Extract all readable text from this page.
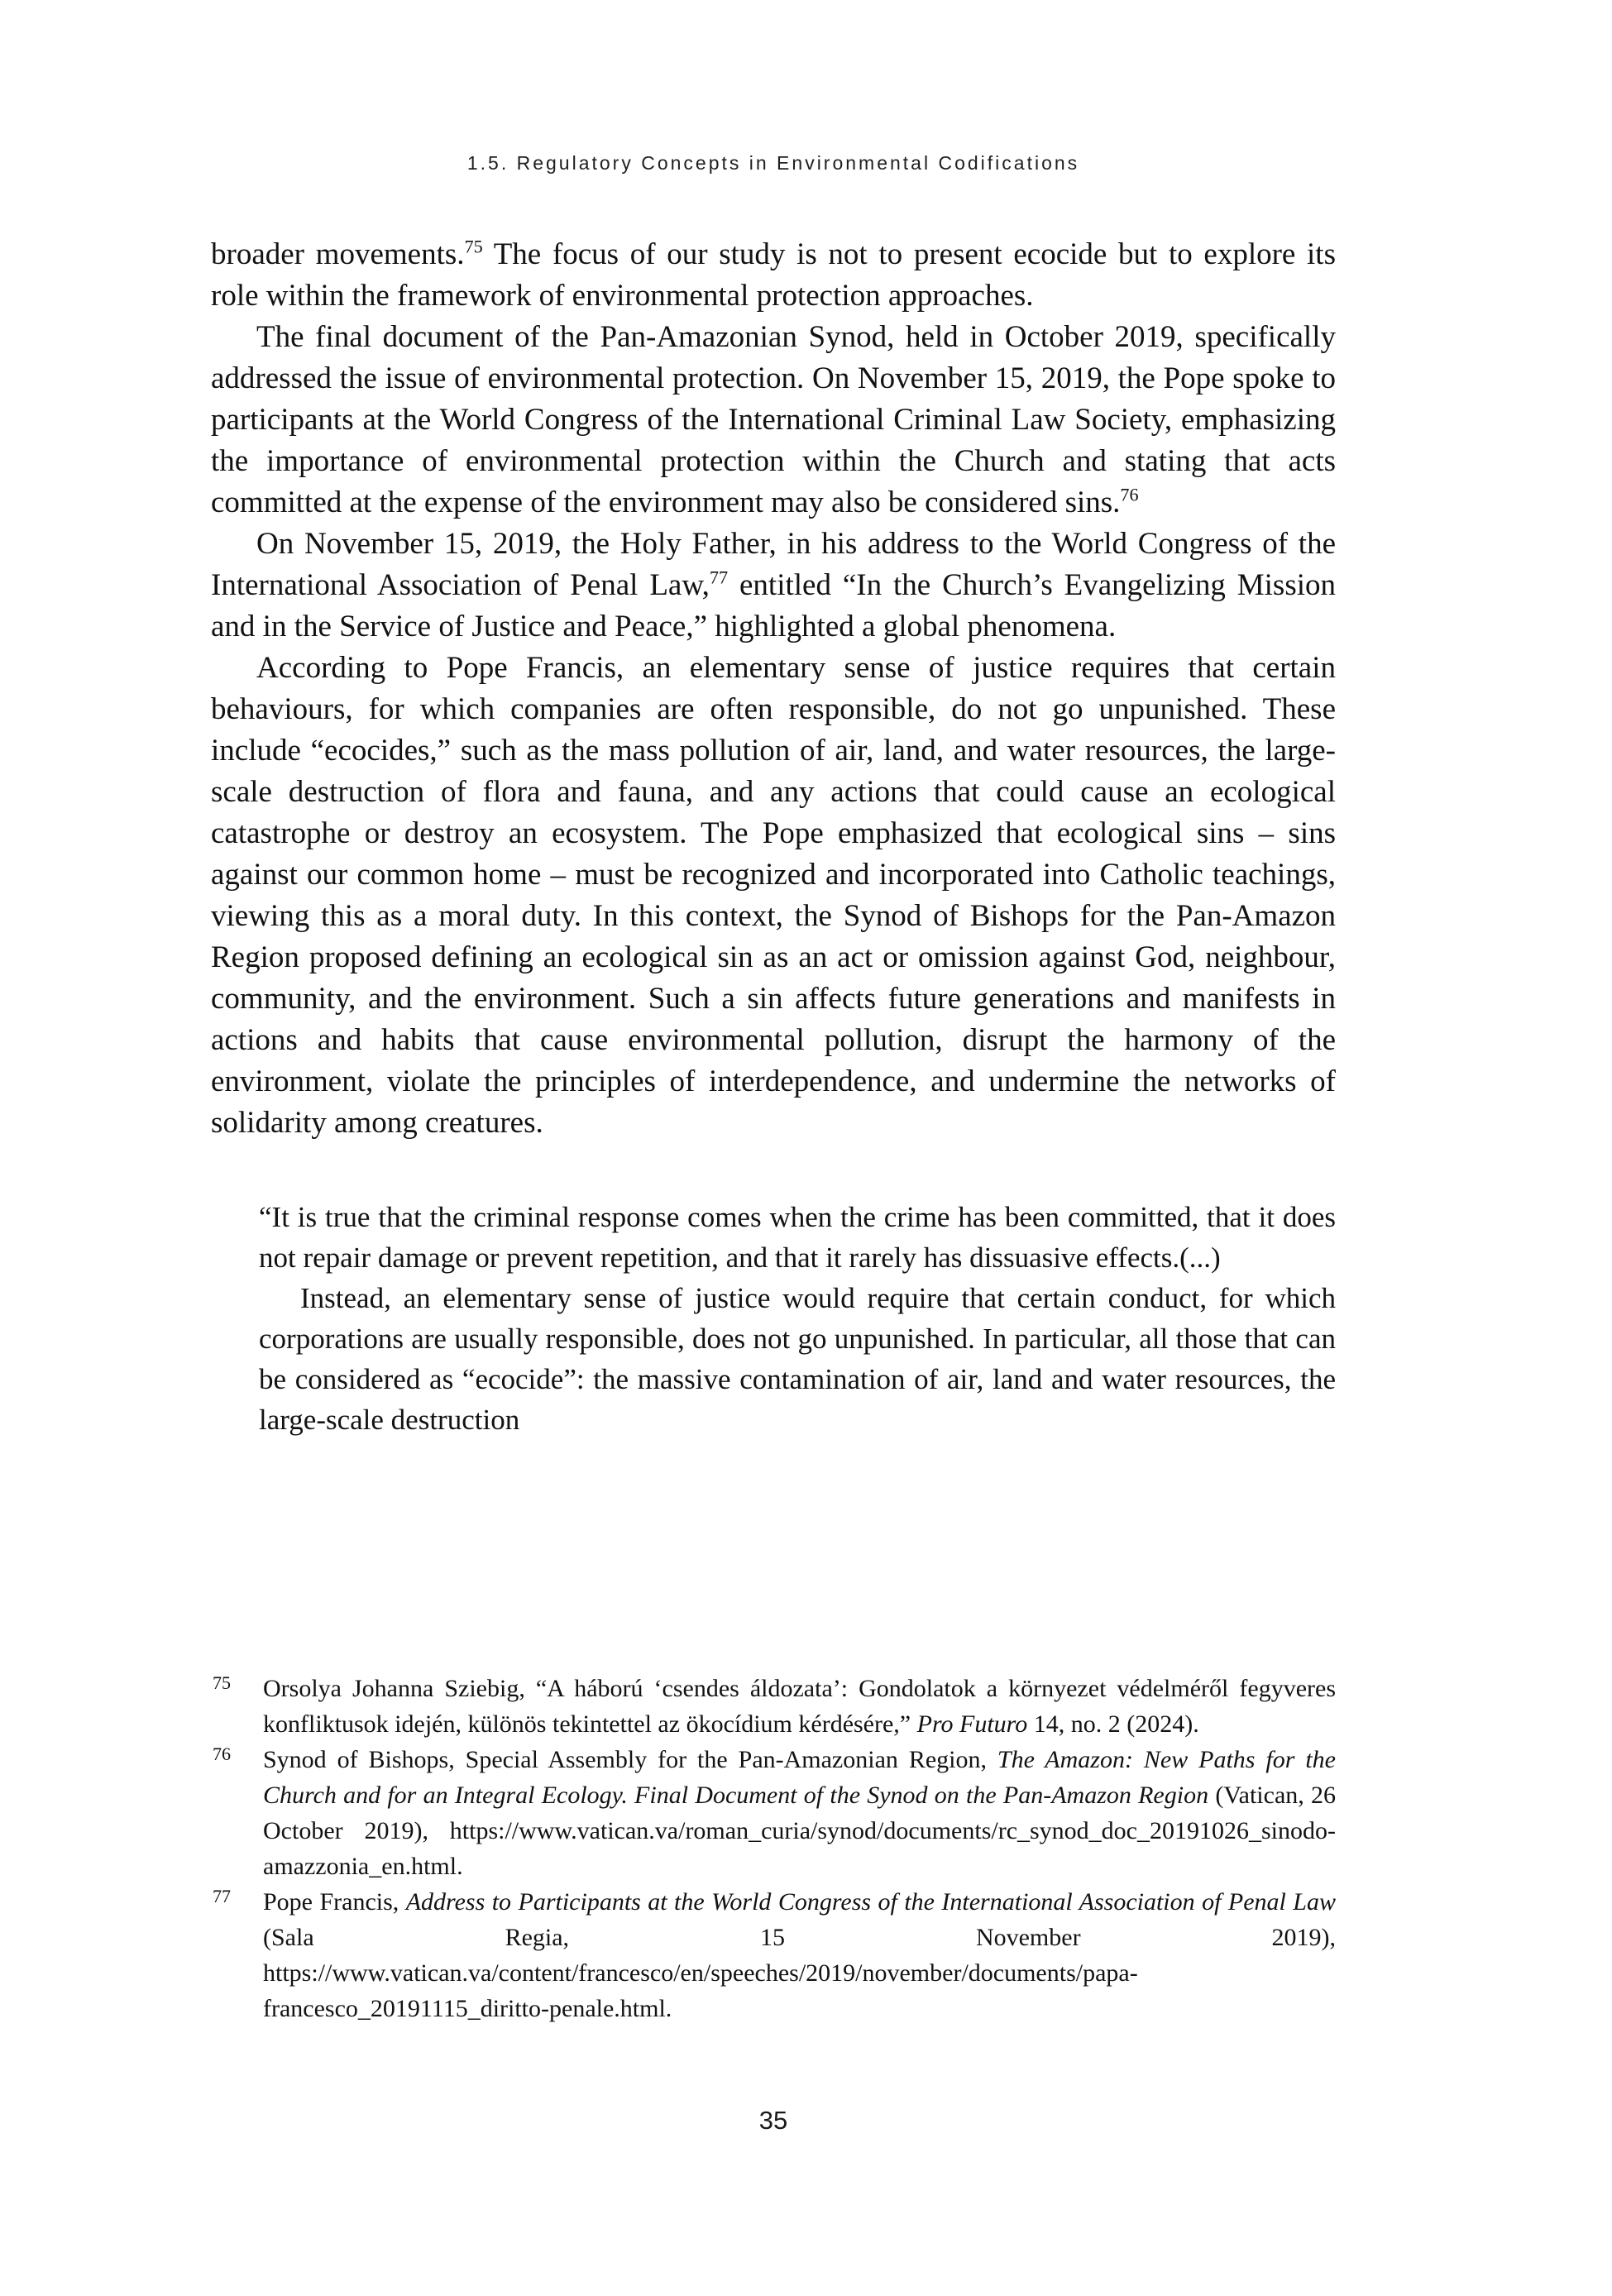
1.5. Regulatory Concepts in Environmental Codifications

broader movements.$^{75}$ The focus of our study is not to present ecocide but to explore its role within the framework of environmental protection approaches.

The final document of the Pan-Amazonian Synod, held in October 2019, specifically addressed the issue of environmental protection. On November 15, 2019, the Pope spoke to participants at the World Congress of the International Criminal Law Society, emphasizing the importance of environmental protection within the Church and stating that acts committed at the expense of the environment may also be considered sins.$^{76}$

On November 15, 2019, the Holy Father, in his address to the World Congress of the International Association of Penal Law,$^{77}$ entitled “In the Church’s Evangelizing Mission and in the Service of Justice and Peace,” highlighted a global phenomena.

According to Pope Francis, an elementary sense of justice requires that certain behaviours, for which companies are often responsible, do not go unpunished. These include “ecocides,” such as the mass pollution of air, land, and water resources, the large-scale destruction of flora and fauna, and any actions that could cause an ecological catastrophe or destroy an ecosystem. The Pope emphasized that ecological sins – sins against our common home – must be recognized and incorporated into Catholic teachings, viewing this as a moral duty. In this context, the Synod of Bishops for the Pan-Amazon Region proposed defining an ecological sin as an act or omission against God, neighbour, community, and the environment. Such a sin affects future generations and manifests in actions and habits that cause environmental pollution, disrupt the harmony of the environment, violate the principles of interdependence, and undermine the networks of solidarity among creatures.

“It is true that the criminal response comes when the crime has been committed, that it does not repair damage or prevent repetition, and that it rarely has dissuasive effects.(...)

Instead, an elementary sense of justice would require that certain conduct, for which corporations are usually responsible, does not go unpunished. In particular, all those that can be considered as “ecocide”: the massive contamination of air, land and water resources, the large-scale destruction

75 Orsolya Johanna Sziebig, “A háború ‘csendes áldozata’: Gondolatok a környezet védelméről fegyveres konfliktusok idején, különös tekintettel az ökocídium kérdésére,” Pro Futuro 14, no. 2 (2024).
76 Synod of Bishops, Special Assembly for the Pan-Amazonian Region, The Amazon: New Paths for the Church and for an Integral Ecology. Final Document of the Synod on the Pan-Amazon Region (Vatican, 26 October 2019), https://www.vatican.va/roman_curia/synod/documents/rc_synod_doc_20191026_sinodo-amazzonia_en.html.
77 Pope Francis, Address to Participants at the World Congress of the International Association of Penal Law (Sala Regia, 15 November 2019), https://www.vatican.va/content/francesco/en/speeches/2019/november/documents/papa-francesco_20191115_diritto-penale.html.
35
